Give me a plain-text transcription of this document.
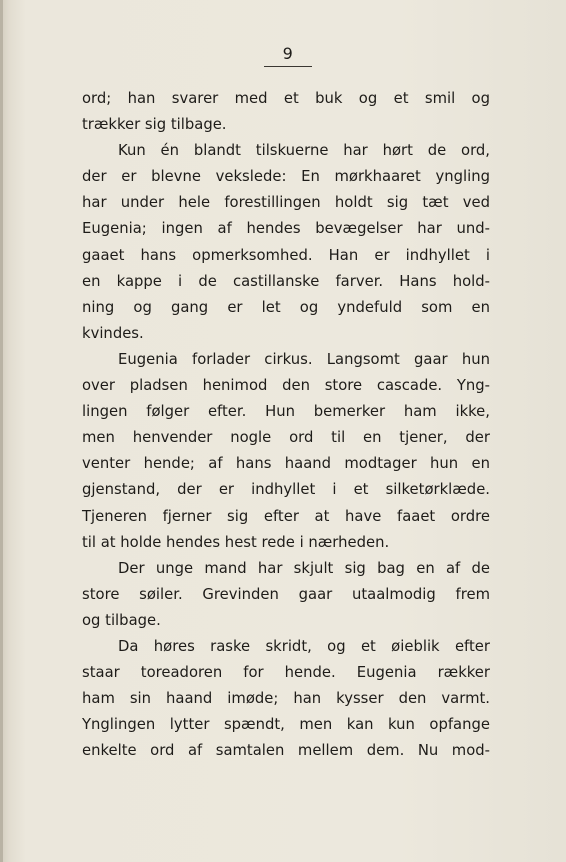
9
ord; han svarer med et buk og et smil og
trækker sig tilbage.
Kun én blandt tilskuerne har hørt de ord,
der er blevne vekslede: En mørkhaaret yngling
har under hele forestillingen holdt sig tæt ved
Eugenia; ingen af hendes bevægelser har und-
gaaet hans opmerksomhed. Han er indhyllet i
en kappe i de castillanske farver. Hans hold-
ning og gang er let og yndefuld som en
kvindes.
Eugenia forlader cirkus. Langsomt gaar hun
over pladsen henimod den store cascade. Yng-
lingen følger efter. Hun bemerker ham ikke,
men henvender nogle ord til en tjener, der
venter hende; af hans haand modtager hun en
gjenstand, der er indhyllet i et silketørklæde.
Tjeneren fjerner sig efter at have faaet ordre
til at holde hendes hest rede i nærheden.
Der unge mand har skjult sig bag en af de
store søiler. Grevinden gaar utaalmodig frem
og tilbage.
Da høres raske skridt, og et øieblik efter
staar toreadoren for hende. Eugenia rækker
ham sin haand imøde; han kysser den varmt.
Ynglingen lytter spændt, men kan kun opfange
enkelte ord af samtalen mellem dem. Nu mod-
